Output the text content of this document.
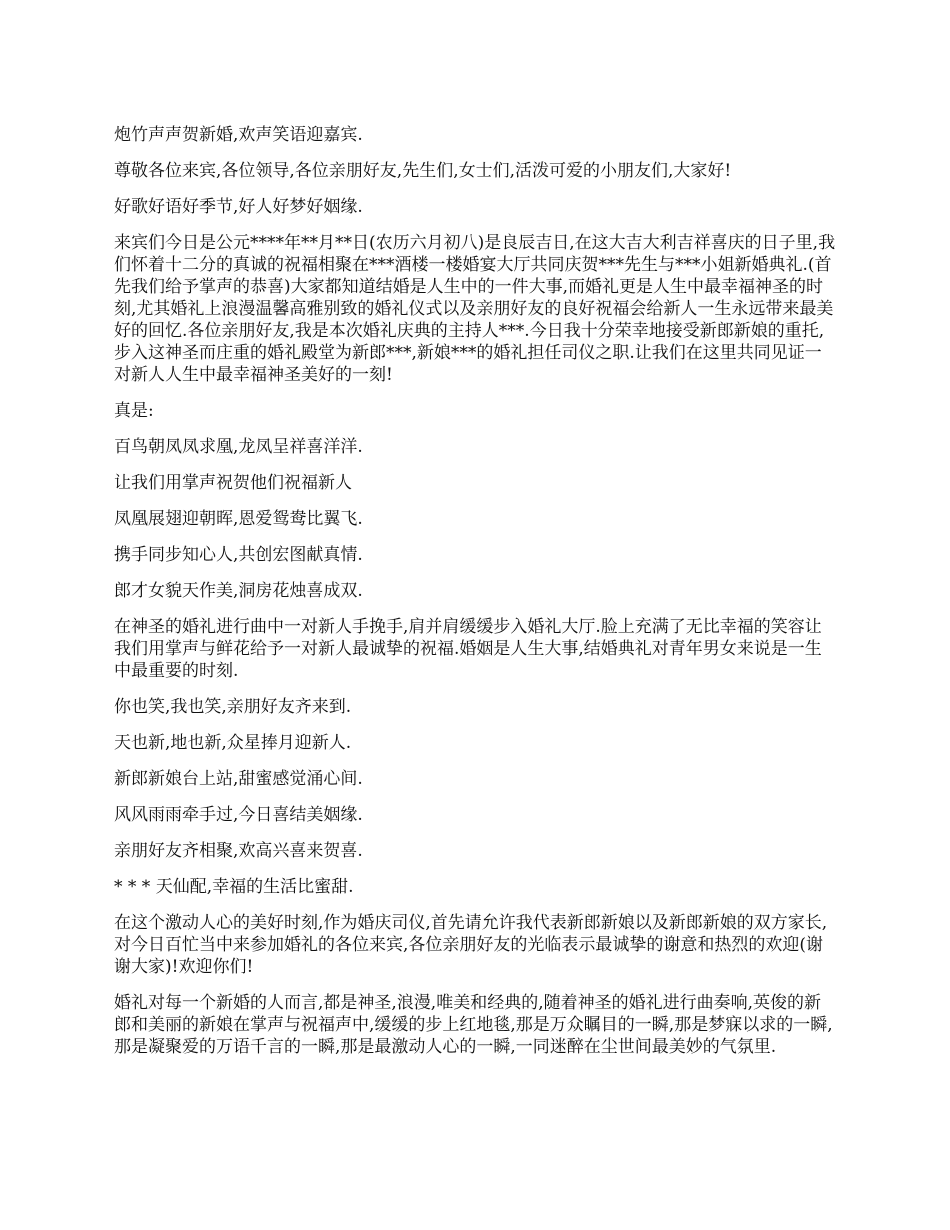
炮竹声声贺新婚,欢声笑语迎嘉宾.

尊敬各位来宾,各位领导,各位亲朋好友,先生们,女士们,活泼可爱的小朋友们,大家好!

好歌好语好季节,好人好梦好姻缘.

来宾们今日是公元****年**月**日(农历六月初八)是良辰吉日,在这大吉大利吉祥喜庆的日子里,我们怀着十二分的真诚的祝福相聚在***酒楼一楼婚宴大厅共同庆贺***先生与***小姐新婚典礼.(首先我们给予掌声的恭喜)大家都知道结婚是人生中的一件大事,而婚礼更是人生中最幸福神圣的时刻,尤其婚礼上浪漫温馨高雅别致的婚礼仪式以及亲朋好友的良好祝福会给新人一生永远带来最美好的回忆.各位亲朋好友,我是本次婚礼庆典的主持人***.今日我十分荣幸地接受新郎新娘的重托,步入这神圣而庄重的婚礼殿堂为新郎***,新娘***的婚礼担任司仪之职.让我们在这里共同见证一对新人人生中最幸福神圣美好的一刻!

真是:

百鸟朝凤凤求凰,龙凤呈祥喜洋洋.

让我们用掌声祝贺他们祝福新人

凤凰展翅迎朝晖,恩爱鸳鸯比翼飞.

携手同步知心人,共创宏图献真情.

郎才女貌天作美,洞房花烛喜成双.

在神圣的婚礼进行曲中一对新人手挽手,肩并肩缓缓步入婚礼大厅.脸上充满了无比幸福的笑容让我们用掌声与鲜花给予一对新人最诚挚的祝福.婚姻是人生大事,结婚典礼对青年男女来说是一生中最重要的时刻.

你也笑,我也笑,亲朋好友齐来到.

天也新,地也新,众星捧月迎新人.

新郎新娘台上站,甜蜜感觉涌心间.

风风雨雨牵手过,今日喜结美姻缘.

亲朋好友齐相聚,欢高兴喜来贺喜.

* * * 天仙配,幸福的生活比蜜甜.

在这个激动人心的美好时刻,作为婚庆司仪,首先请允许我代表新郎新娘以及新郎新娘的双方家长,对今日百忙当中来参加婚礼的各位来宾,各位亲朋好友的光临表示最诚挚的谢意和热烈的欢迎(谢谢大家)!欢迎你们!

婚礼对每一个新婚的人而言,都是神圣,浪漫,唯美和经典的,随着神圣的婚礼进行曲奏响,英俊的新郎和美丽的新娘在掌声与祝福声中,缓缓的步上红地毯,那是万众瞩目的一瞬,那是梦寐以求的一瞬,那是凝聚爱的万语千言的一瞬,那是最激动人心的一瞬,一同迷醉在尘世间最美妙的气氛里.
